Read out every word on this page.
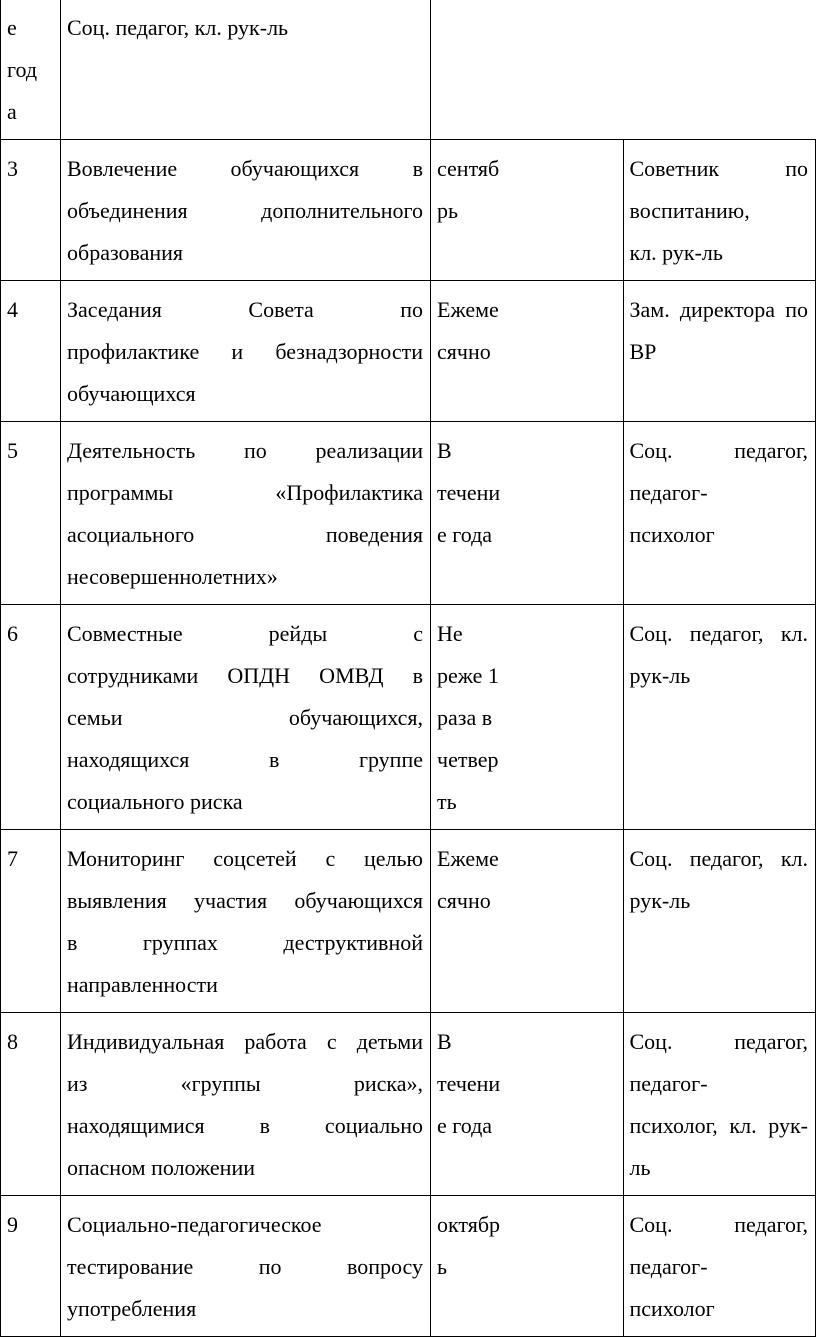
е
год
а	Соц. педагог, кл. рук-ль		

3	Вовлечение обучающихся в
объединения дополнительного
образования	сентяб
рь	Советник по воспитанию,
кл. рук-ль

4	Заседания Совета по
профилактике и безнадзорности
обучающихся	Ежеме
сячно	Зам. директора по ВР

5	Деятельность по реализации
программы «Профилактика
асоциального поведения
несовершеннолетних»	В
течени
е года	Соц. педагог, педагог-
психолог

6	Совместные рейды с
сотрудниками ОПДН ОМВД в
семьи обучающихся,
находящихся в группе
социального риска	Не
реже 1
раза в
четвер
ть	Соц. педагог, кл. рук-ль

7	Мониторинг соцсетей с целью
выявления участия обучающихся
в группах деструктивной
направленности	Ежеме
сячно	Соц. педагог, кл. рук-ль

8	Индивидуальная работа с детьми
из «группы риска»,
находящимися в социально
опасном положении	В
течени
е года	Соц. педагог, педагог-
психолог, кл. рук-ль

9	Социально-педагогическое
тестирование по вопросу
употребления	октябр
ь	Соц. педагог, педагог-
психолог
